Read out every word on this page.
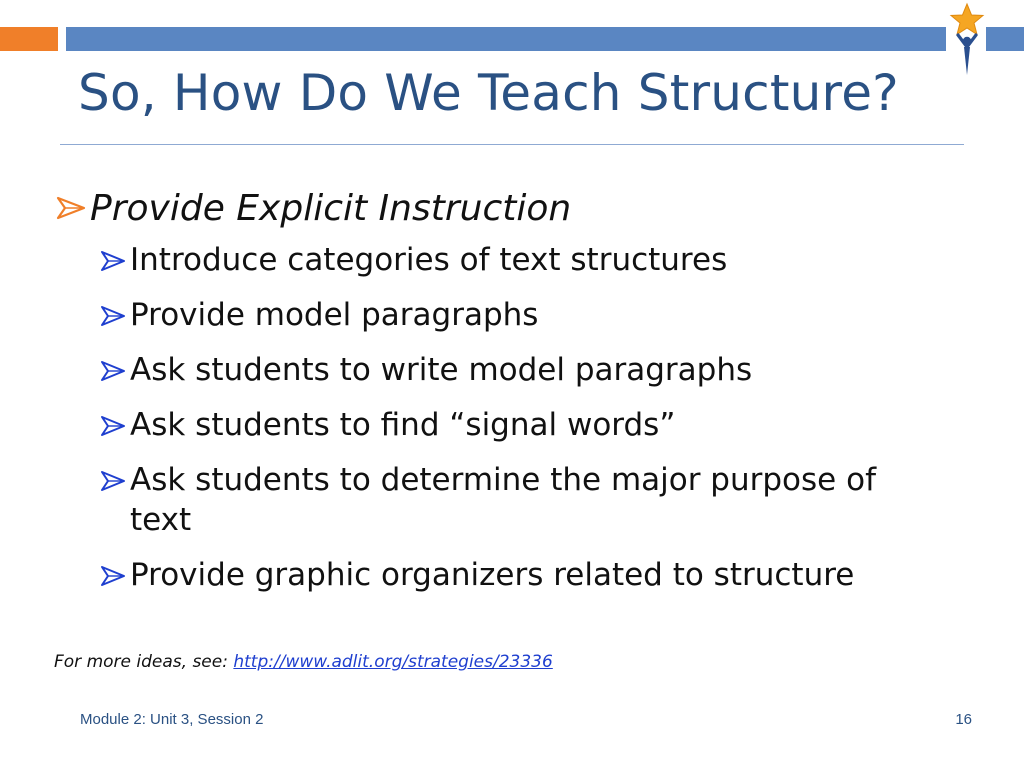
So, How Do We Teach Structure?
Provide Explicit Instruction
Introduce categories of text structures
Provide model paragraphs
Ask students to write model paragraphs
Ask students to find “signal words”
Ask students to determine the major purpose of text
Provide graphic organizers related to structure
For more ideas, see: http://www.adlit.org/strategies/23336
Module 2: Unit 3, Session 2	16
